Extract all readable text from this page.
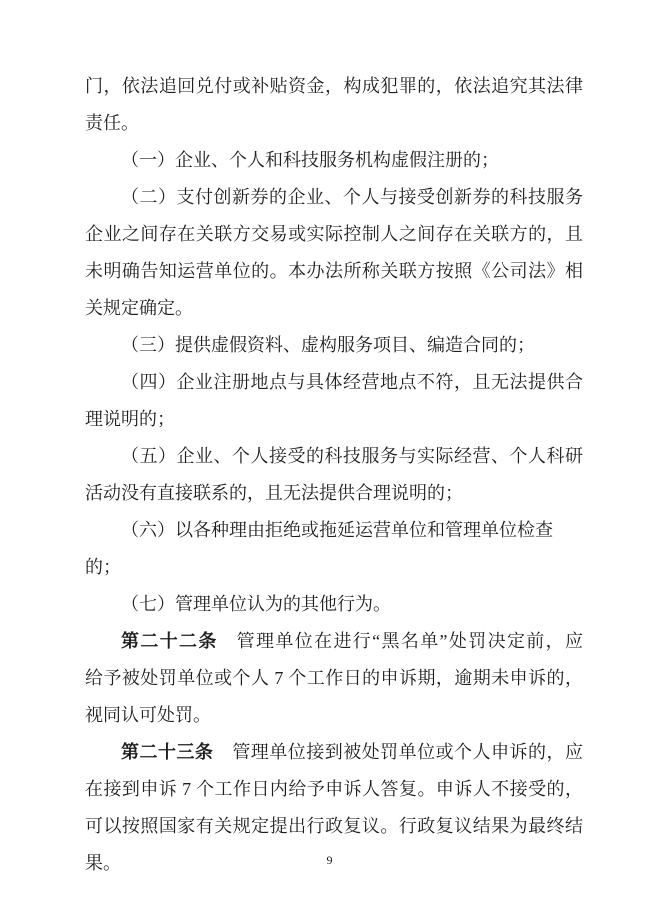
门，依法追回兑付或补贴资金，构成犯罪的，依法追究其法律
责任。
（一）企业、个人和科技服务机构虚假注册的；
（二）支付创新券的企业、个人与接受创新券的科技服务
企业之间存在关联方交易或实际控制人之间存在关联方的，且
未明确告知运营单位的。本办法所称关联方按照《公司法》相
关规定确定。
（三）提供虚假资料、虚构服务项目、编造合同的；
（四）企业注册地点与具体经营地点不符，且无法提供合
理说明的；
（五）企业、个人接受的科技服务与实际经营、个人科研
活动没有直接联系的，且无法提供合理说明的；
（六）以各种理由拒绝或拖延运营单位和管理单位检查的；
（七）管理单位认为的其他行为。
第二十二条 管理单位在进行“黑名单”处罚决定前，应
给予被处罚单位或个人 7 个工作日的申诉期，逾期未申诉的，
视同认可处罚。
第二十三条 管理单位接到被处罚单位或个人申诉的，应
在接到申诉 7 个工作日内给予申诉人答复。申诉人不接受的，
可以按照国家有关规定提出行政复议。行政复议结果为最终结
果。	9
